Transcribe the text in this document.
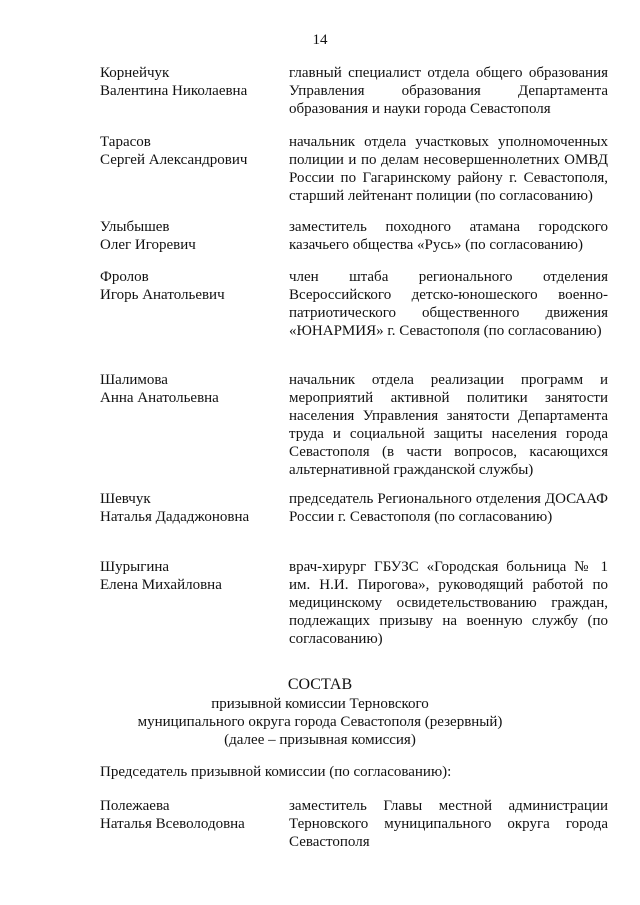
14
Корнейчук
Валентина Николаевна
главный специалист отдела общего образования Управления образования Департамента образования и науки города Севастополя
Тарасов
Сергей Александрович
начальник отдела участковых уполномоченных полиции и по делам несовершеннолетних ОМВД России по Гагаринскому району г. Севастополя, старший лейтенант полиции (по согласованию)
Улыбышев
Олег Игоревич
заместитель походного атамана городского казачьего общества «Русь» (по согласованию)
Фролов
Игорь Анатольевич
член штаба регионального отделения Всероссийского детско-юношеского военно-патриотического общественного движения «ЮНАРМИЯ» г. Севастополя (по согласованию)
Шалимова
Анна Анатольевна
начальник отдела реализации программ и мероприятий активной политики занятости населения Управления занятости Департамента труда и социальной защиты населения города Севастополя (в части вопросов, касающихся альтернативной гражданской службы)
Шевчук
Наталья Дададжоновна
председатель Регионального отделения ДОСААФ России г. Севастополя (по согласованию)
Шурыгина
Елена Михайловна
врач-хирург ГБУЗС «Городская больница № 1 им. Н.И. Пирогова», руководящий работой по медицинскому освидетельствованию граждан, подлежащих призыву на военную службу (по согласованию)
СОСТАВ
призывной комиссии Терновского
муниципального округа города Севастополя (резервный)
(далее – призывная комиссия)
Председатель призывной комиссии (по согласованию):
Полежаева
Наталья Всеволодовна
заместитель Главы местной администрации Терновского муниципального округа города Севастополя
